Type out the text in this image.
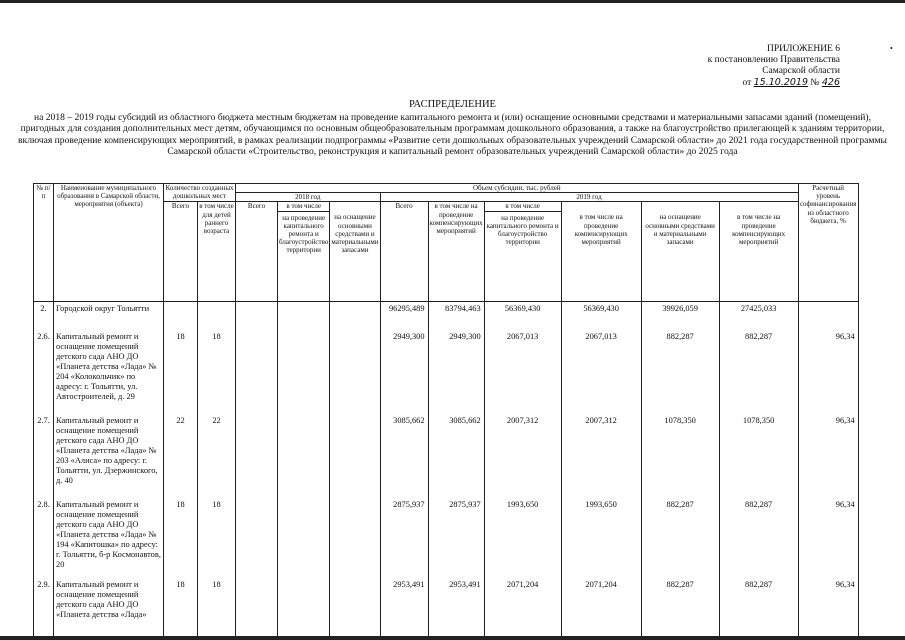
•
ПРИЛОЖЕНИЕ 6
к постановлению Правительства
Самарской области
от 15.10.2019 № 426
РАСПРЕДЕЛЕНИЕ
на 2018 – 2019 годы субсидий из областного бюджета местным бюджетам на проведение капитального ремонта и (или) оснащение основными средствами и материальными запасами зданий (помещений), пригодных для создания дополнительных мест детям, обучающимся по основным общеобразовательным программам дошкольного образования, а также на благоустройство прилегающей к зданиям территории, включая проведение компенсирующих мероприятий, в рамках реализации подпрограммы «Развитие сети дошкольных образовательных учреждений Самарской области» до 2021 года государственной программы Самарской области «Строительство, реконструкция и капитальный ремонт образовательных учреждений Самарской области» до 2025 года
№ п/п	Наименование муниципального образования в Самарской области, мероприятия (объекта)	Количество созданных дошкольных мест		Объем субсидии, тыс. рублей									Расчетный уровень софинансирования из областного бюджета, %
				2018 год			2019 год						
		Всего	в том числе для детей раннего возраста	Всего	в том числе
на проведение капитального ремонта и благоустройство территории	на оснащение основными средствами и материальными запасами	Всего	в том числе на проведение компенсирующих мероприятий	в том числе
на проведение капитального ремонта и благоустройство территории	в том числе на проведение компенсирующих мероприятий	на оснащение основными средствами и материальными запасами	в том числе на проведение компенсирующих мероприятий	
2.	Городской округ Тольятти						96295,489	83794,463	56369,430	56369,430	39926,059	27425,033	
2.6.	Капитальный ремонт и оснащение помещений детского сада АНО ДО «Планета детства «Лада» № 204 «Колокольчик» по адресу: г. Тольятти, ул. Автостроителей, д. 29	18	18				2949,300	2949,300	2067,013	2067,013	882,287	882,287	96,34
2.7.	Капитальный ремонт и оснащение помещений детского сада АНО ДО «Планета детства «Лада» № 203 «Алиса» по адресу: г. Тольятти, ул. Дзержинского, д. 40	22	22				3085,662	3085,662	2007,312	2007,312	1078,350	1078,350	96,34
2.8.	Капитальный ремонт и оснащение помещений детского сада АНО ДО «Планета детства «Лада» № 194 «Капитошка» по адресу: г. Тольятти, б-р Космонавтов, 20	18	18				2875,937	2875,937	1993,650	1993,650	882,287	882,287	96,34
2.9.	Капитальный ремонт и оснащение помещений детского сада АНО ДО «Планета детства «Лада»	18	18				2953,491	2953,491	2071,204	2071,204	882,287	882,287	96,34
